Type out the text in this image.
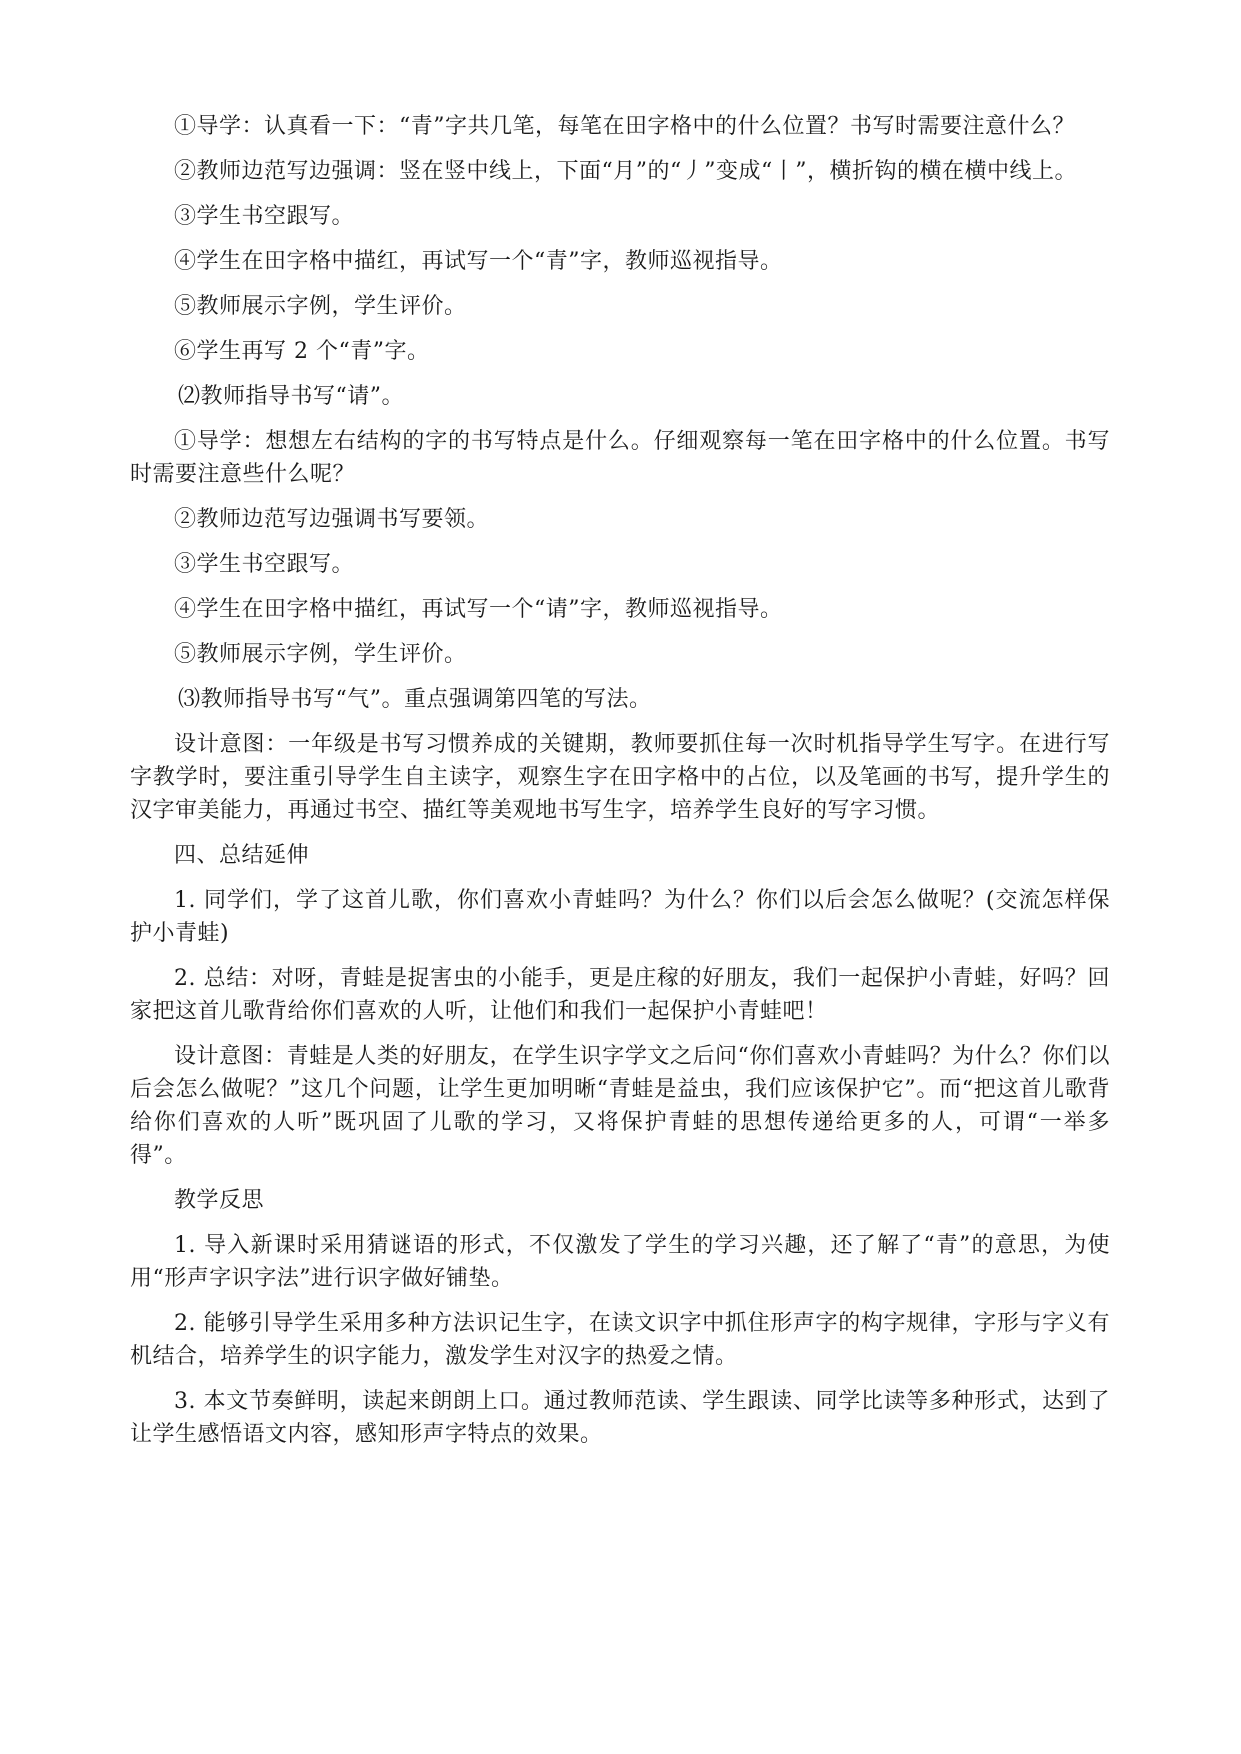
①导学：认真看一下：“青”字共几笔，每笔在田字格中的什么位置？书写时需要注意什么？

②教师边范写边强调：竖在竖中线上，下面“月”的“丿”变成“丨”，横折钩的横在横中线上。

③学生书空跟写。

④学生在田字格中描红，再试写一个“青”字，教师巡视指导。

⑤教师展示字例，学生评价。

⑥学生再写 2 个“青”字。

⑵教师指导书写“请”。

①导学：想想左右结构的字的书写特点是什么。仔细观察每一笔在田字格中的什么位置。书写时需要注意些什么呢？

②教师边范写边强调书写要领。

③学生书空跟写。

④学生在田字格中描红，再试写一个“请”字，教师巡视指导。

⑤教师展示字例，学生评价。

⑶教师指导书写“气”。重点强调第四笔的写法。

设计意图：一年级是书写习惯养成的关键期，教师要抓住每一次时机指导学生写字。在进行写字教学时，要注重引导学生自主读字，观察生字在田字格中的占位，以及笔画的书写，提升学生的汉字审美能力，再通过书空、描红等美观地书写生字，培养学生良好的写字习惯。

四、总结延伸

1. 同学们，学了这首儿歌，你们喜欢小青蛙吗？为什么？你们以后会怎么做呢？(交流怎样保护小青蛙)

2. 总结：对呀，青蛙是捉害虫的小能手，更是庄稼的好朋友，我们一起保护小青蛙，好吗？回家把这首儿歌背给你们喜欢的人听，让他们和我们一起保护小青蛙吧！

设计意图：青蛙是人类的好朋友，在学生识字学文之后问“你们喜欢小青蛙吗？为什么？你们以后会怎么做呢？”这几个问题，让学生更加明晰“青蛙是益虫，我们应该保护它”。而“把这首儿歌背给你们喜欢的人听”既巩固了儿歌的学习，又将保护青蛙的思想传递给更多的人，可谓“一举多得”。

教学反思

1. 导入新课时采用猜谜语的形式，不仅激发了学生的学习兴趣，还了解了“青”的意思，为使用“形声字识字法”进行识字做好铺垫。

2. 能够引导学生采用多种方法识记生字，在读文识字中抓住形声字的构字规律，字形与字义有机结合，培养学生的识字能力，激发学生对汉字的热爱之情。

3. 本文节奏鲜明，读起来朗朗上口。通过教师范读、学生跟读、同学比读等多种形式，达到了让学生感悟语文内容，感知形声字特点的效果。
